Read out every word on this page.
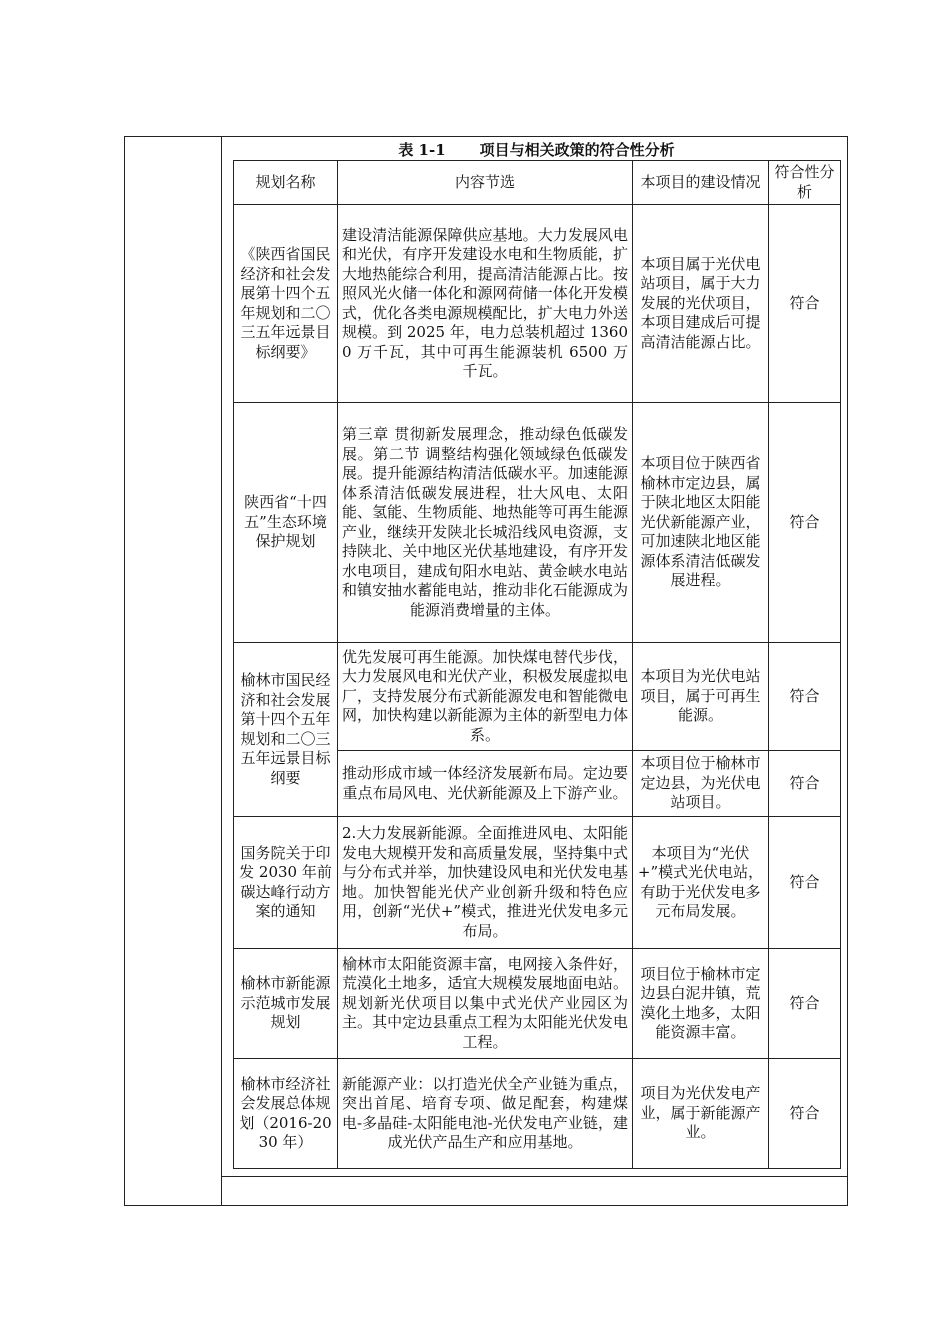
表 1-1 项目与相关政策的符合性分析
规划名称	内容节选	本项目的建设情况	符合性分析
《陕西省国民经济和社会发展第十四个五年规划和二〇三五年远景目标纲要》	建设清洁能源保障供应基地。大力发展风电和光伏，有序开发建设水电和生物质能，扩大地热能综合利用，提高清洁能源占比。按照风光火储一体化和源网荷储一体化开发模式，优化各类电源规模配比，扩大电力外送规模。到 2025 年，电力总装机超过 13600 万千瓦，其中可再生能源装机 6500 万千瓦。	本项目属于光伏电站项目，属于大力发展的光伏项目，本项目建成后可提高清洁能源占比。	符合
陕西省“十四五”生态环境保护规划	第三章 贯彻新发展理念，推动绿色低碳发展。第二节 调整结构强化领域绿色低碳发展。提升能源结构清洁低碳水平。加速能源体系清洁低碳发展进程，壮大风电、太阳能、氢能、生物质能、地热能等可再生能源产业，继续开发陕北长城沿线风电资源，支持陕北、关中地区光伏基地建设，有序开发水电项目，建成旬阳水电站、黄金峡水电站和镇安抽水蓄能电站，推动非化石能源成为能源消费增量的主体。	本项目位于陕西省榆林市定边县，属于陕北地区太阳能光伏新能源产业，可加速陕北地区能源体系清洁低碳发展进程。	符合
榆林市国民经济和社会发展第十四个五年规划和二〇三五年远景目标纲要	优先发展可再生能源。加快煤电替代步伐，大力发展风电和光伏产业，积极发展虚拟电厂，支持发展分布式新能源发电和智能微电网，加快构建以新能源为主体的新型电力体系。	本项目为光伏电站项目，属于可再生能源。	符合
	推动形成市域一体经济发展新布局。定边要重点布局风电、光伏新能源及上下游产业。	本项目位于榆林市定边县，为光伏电站项目。	符合
国务院关于印发 2030 年前碳达峰行动方案的通知	2.大力发展新能源。全面推进风电、太阳能发电大规模开发和高质量发展，坚持集中式与分布式并举，加快建设风电和光伏发电基地。加快智能光伏产业创新升级和特色应用，创新“光伏+”模式，推进光伏发电多元布局。	本项目为“光伏+”模式光伏电站，有助于光伏发电多元布局发展。	符合
榆林市新能源示范城市发展规划	榆林市太阳能资源丰富，电网接入条件好，荒漠化土地多，适宜大规模发展地面电站。规划新光伏项目以集中式光伏产业园区为主。其中定边县重点工程为太阳能光伏发电工程。	项目位于榆林市定边县白泥井镇，荒漠化土地多，太阳能资源丰富。	符合
榆林市经济社会发展总体规划（2016-2030 年）	新能源产业：以打造光伏全产业链为重点，突出首尾、培育专项、做足配套，构建煤电-多晶硅-太阳能电池-光伏发电产业链，建成光伏产品生产和应用基地。	项目为光伏发电产业，属于新能源产业。	符合
